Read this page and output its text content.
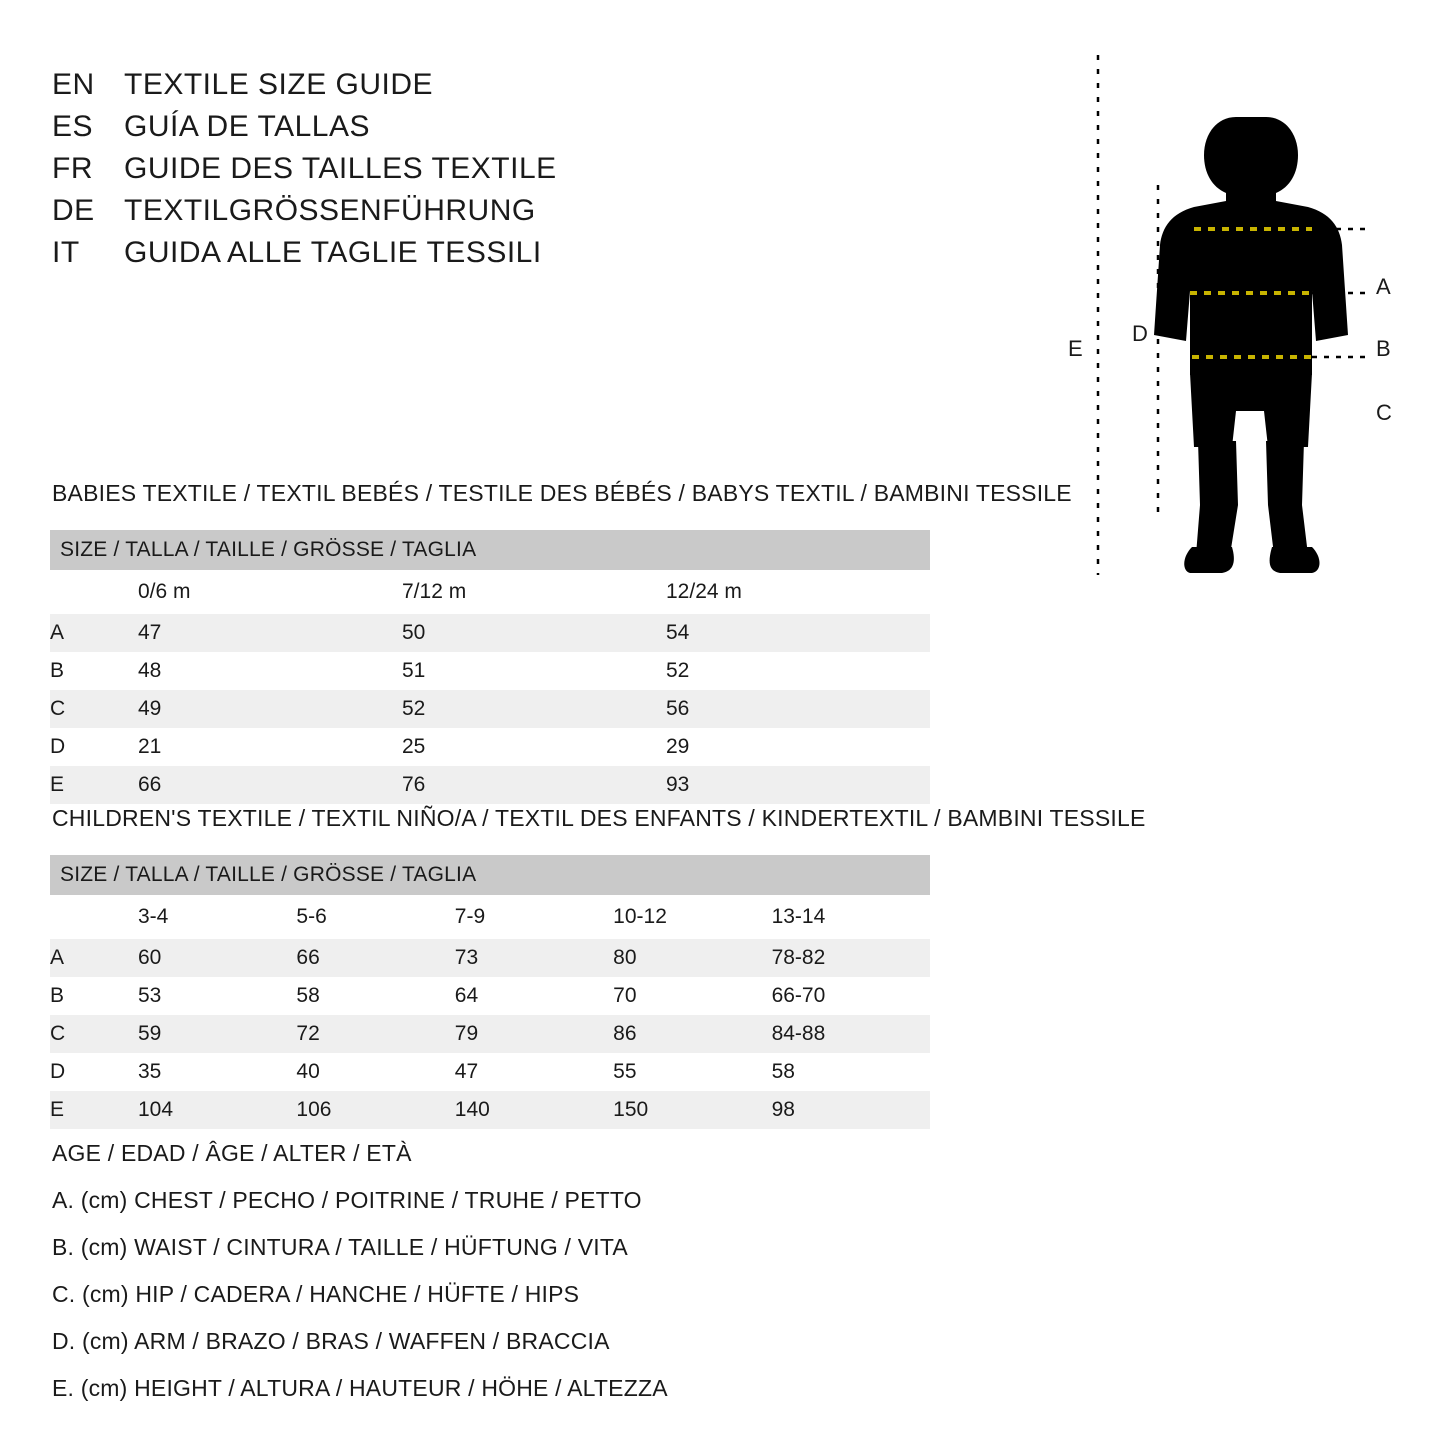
EN TEXTILE SIZE GUIDE
ES	GUÍA DE TALLAS
FR	GUIDE DES TAILLES TEXTILE
DE TEXTILGRÖSSENFÜHRUNG
IT	GUIDA ALLE TAGLIE TESSILI
A
B
C
D
E
BABIES TEXTILE / TEXTIL BEBÉS / TESTILE DES BÉBÉS / BABYS TEXTIL / BAMBINI TESSILE
SIZE / TALLA / TAILLE / GRÖSSE / TAGLIA			
	0/6 m	7/12 m	12/24 m
A	47	50	54
B	48	51	52
C	49	52	56
D	21	25	29
E	66	76	93
CHILDREN'S TEXTILE / TEXTIL NIÑO/A / TEXTIL DES ENFANTS / KINDERTEXTIL / BAMBINI TESSILE
SIZE / TALLA / TAILLE / GRÖSSE / TAGLIA					
	3-4	5-6	7-9	10-12	13-14
A	60	66	73	80	78-82
B	53	58	64	70	66-70
C	59	72	79	86	84-88
D	35	40	47	55	58
E	104	106	140	150	98
AGE / EDAD / ÂGE / ALTER / ETÀ
A. (cm) CHEST / PECHO / POITRINE / TRUHE / PETTO
B. (cm) WAIST / CINTURA / TAILLE / HÜFTUNG / VITA
C. (cm) HIP / CADERA / HANCHE / HÜFTE / HIPS
D. (cm) ARM / BRAZO / BRAS / WAFFEN / BRACCIA
E. (cm) HEIGHT / ALTURA / HAUTEUR / HÖHE / ALTEZZA
